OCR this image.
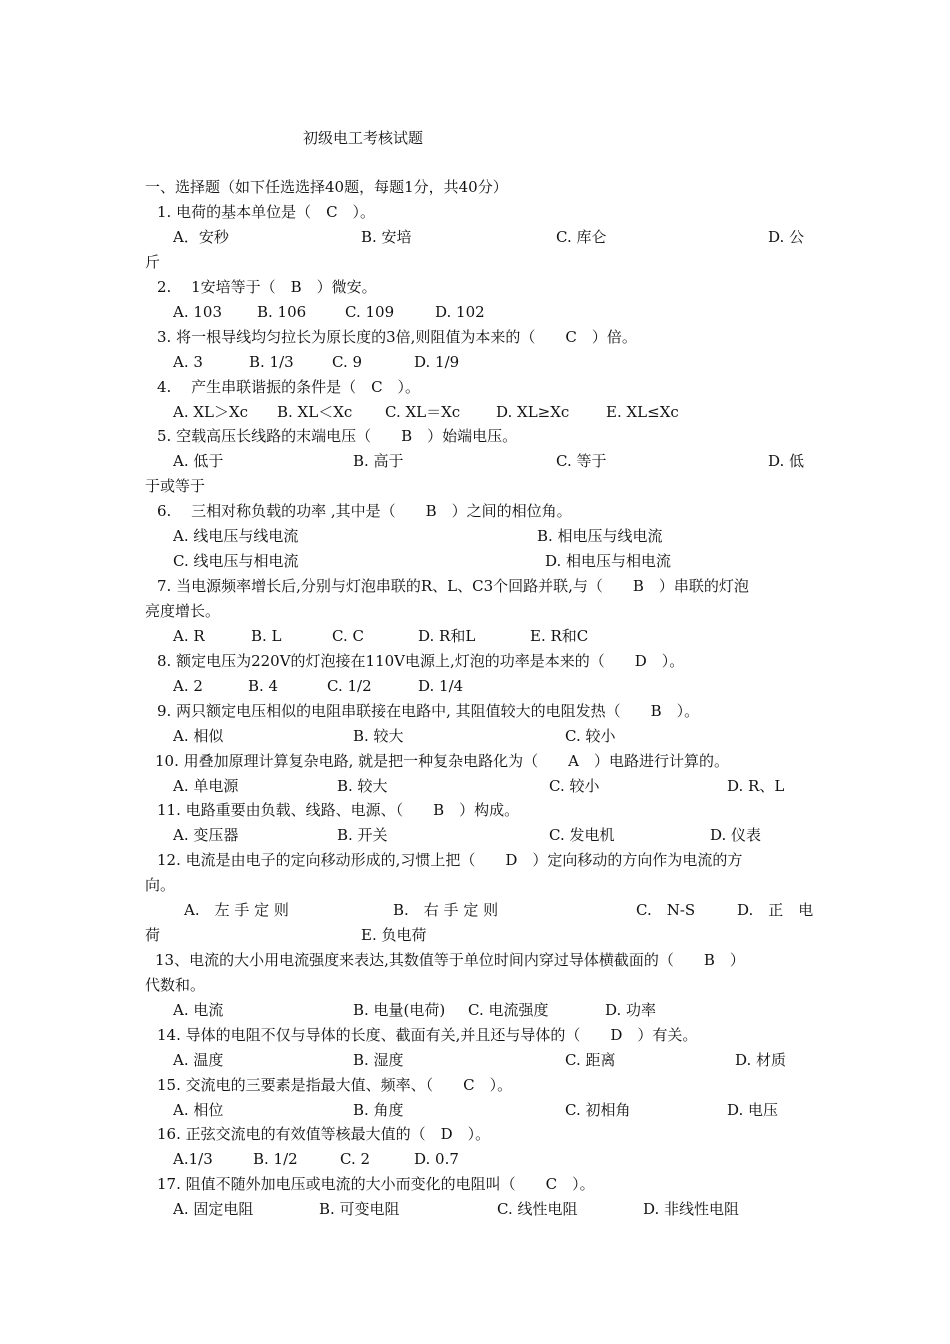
初级电工考核试题
一、选择题（如下任选选择40题，每题1分，共40分）
1. 电荷的基本单位是（　C　）。
A．安秒	B. 安培	C. 库仑	D. 公
斤
2.　 1安培等于（　B　）微安。
A. 103 B. 106	C. 109	D. 102
3. 将一根导线均匀拉长为原长度的3倍,则阻值为本来的（　　C　）倍。
A. 3	B. 1/3	C. 9	D. 1/9
4.　 产生串联谐振的条件是（　C　）。
A. XL＞Xc B. XL＜Xc C. XL＝Xc D. XL≥Xc E. XL≤Xc
5. 空载高压长线路的末端电压（　　B　）始端电压。
A. 低于	B. 高于	C. 等于	D. 低
于或等于
6.　 三相对称负载的功率 ,其中是（　　B　）之间的相位角。
A. 线电压与线电流	B. 相电压与线电流
C. 线电压与相电流	D. 相电压与相电流
7. 当电源频率增长后,分别与灯泡串联的R、L、C3个回路并联,与（　　B　）串联的灯泡
亮度增长。
A. R	B. L	C. C	D. R和L	E. R和C
8. 额定电压为220V的灯泡接在110V电源上,灯泡的功率是本来的（　　D　）。
A. 2	B. 4	C. 1/2	D. 1/4
9. 两只额定电压相似的电阻串联接在电路中, 其阻值较大的电阻发热（　　B　）。
A. 相似	B. 较大	C. 较小
10. 用叠加原理计算复杂电路, 就是把一种复杂电路化为（　　A　）电路进行计算的。
A. 单电源	B. 较大	C. 较小	D. R、L
11. 电路重要由负载、线路、电源、（　　B　）构成。
A. 变压器	B. 开关	C. 发电机	D. 仪表
12. 电流是由电子的定向移动形成的,习惯上把（　　D　）定向移动的方向作为电流的方
向。
A.　左 手 定 则	B.　右 手 定 则	C.　N-S	D.　正　电
荷	E. 负电荷
13、电流的大小用电流强度来表达,其数值等于单位时间内穿过导体横截面的（　　B　）
代数和。
A. 电流	B. 电量(电荷) C. 电流强度	D. 功率
14. 导体的电阻不仅与导体的长度、截面有关,并且还与导体的（　　D　）有关。
A. 温度	B. 湿度	C. 距离	D. 材质
15. 交流电的三要素是指最大值、频率、（　　C　）。
A. 相位	B. 角度	C. 初相角	D. 电压
16. 正弦交流电的有效值等核最大值的（　D　）。
A.1/3	B. 1/2	C. 2	D. 0.7
17. 阻值不随外加电压或电流的大小而变化的电阻叫（　　C　）。
A. 固定电阻	B. 可变电阻	C. 线性电阻	D. 非线性电阻
